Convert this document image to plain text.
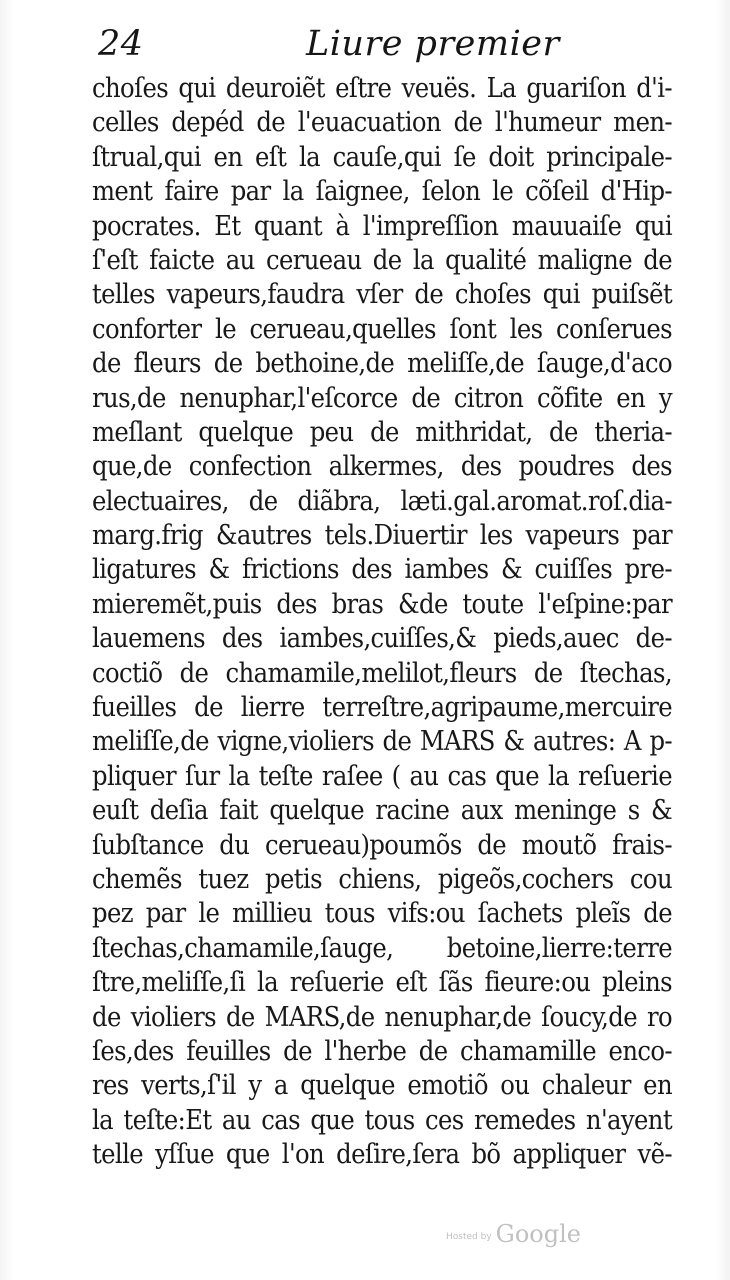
24	Liure premier
choſes qui deuroiẽt eſtre veuës. La guariſon d'i-
celles depéd de l'euacuation de l'humeur men-
ſtrual,qui en eſt la cauſe,qui ſe doit principale-
ment faire par la ſaignee, ſelon le cõſeil d'Hip-
pocrates. Et quant à l'impreſſion mauuaiſe qui
ſ'eſt faicte au cerueau de la qualité maligne de
telles vapeurs,faudra vſer de choſes qui puiſsẽt
conforter le cerueau,quelles ſont les conſerues
de fleurs de bethoine,de meliſſe,de ſauge,d'aco
rus,de nenuphar,l'eſcorce de citron cõfite en y
meſlant quelque peu de mithridat, de theria-
que,de confection alkermes, des poudres des
electuaires, de diãbra, læti.gal.aromat.roſ.dia-
marg.frig &autres tels.Diuertir les vapeurs par
ligatures & frictions des iambes & cuiſſes pre-
mieremẽt,puis des bras &de toute l'eſpine:par
lauemens des iambes,cuiſſes,& pieds,auec de-
coctiõ de chamamile,melilot,fleurs de ſtechas,
fueilles de lierre terreſtre,agripaume,mercuire
meliſſe,de vigne,violiers de MARS & autres: A p-
pliquer ſur la teſte raſee ( au cas que la reſuerie
euſt deſia fait quelque racine aux meninge s &
ſubſtance du cerueau)poumõs de moutõ frais-
chemẽs tuez petis chiens, pigeõs,cochers cou
pez par le millieu tous vifs:ou ſachets pleĩs de
ſtechas,chamamile,ſauge, betoine,lierre:terre
ſtre,meliſſe,ſi la reſuerie eſt ſãs fieure:ou pleins
de violiers de MARS,de nenuphar,de ſoucy,de ro
ſes,des feuilles de l'herbe de chamamille enco-
res verts,ſ'il y a quelque emotiõ ou chaleur en
la teſte:Et au cas que tous ces remedes n'ayent
telle yſſue que l'on deſire,ſera bõ appliquer vẽ-
Hosted by Google
